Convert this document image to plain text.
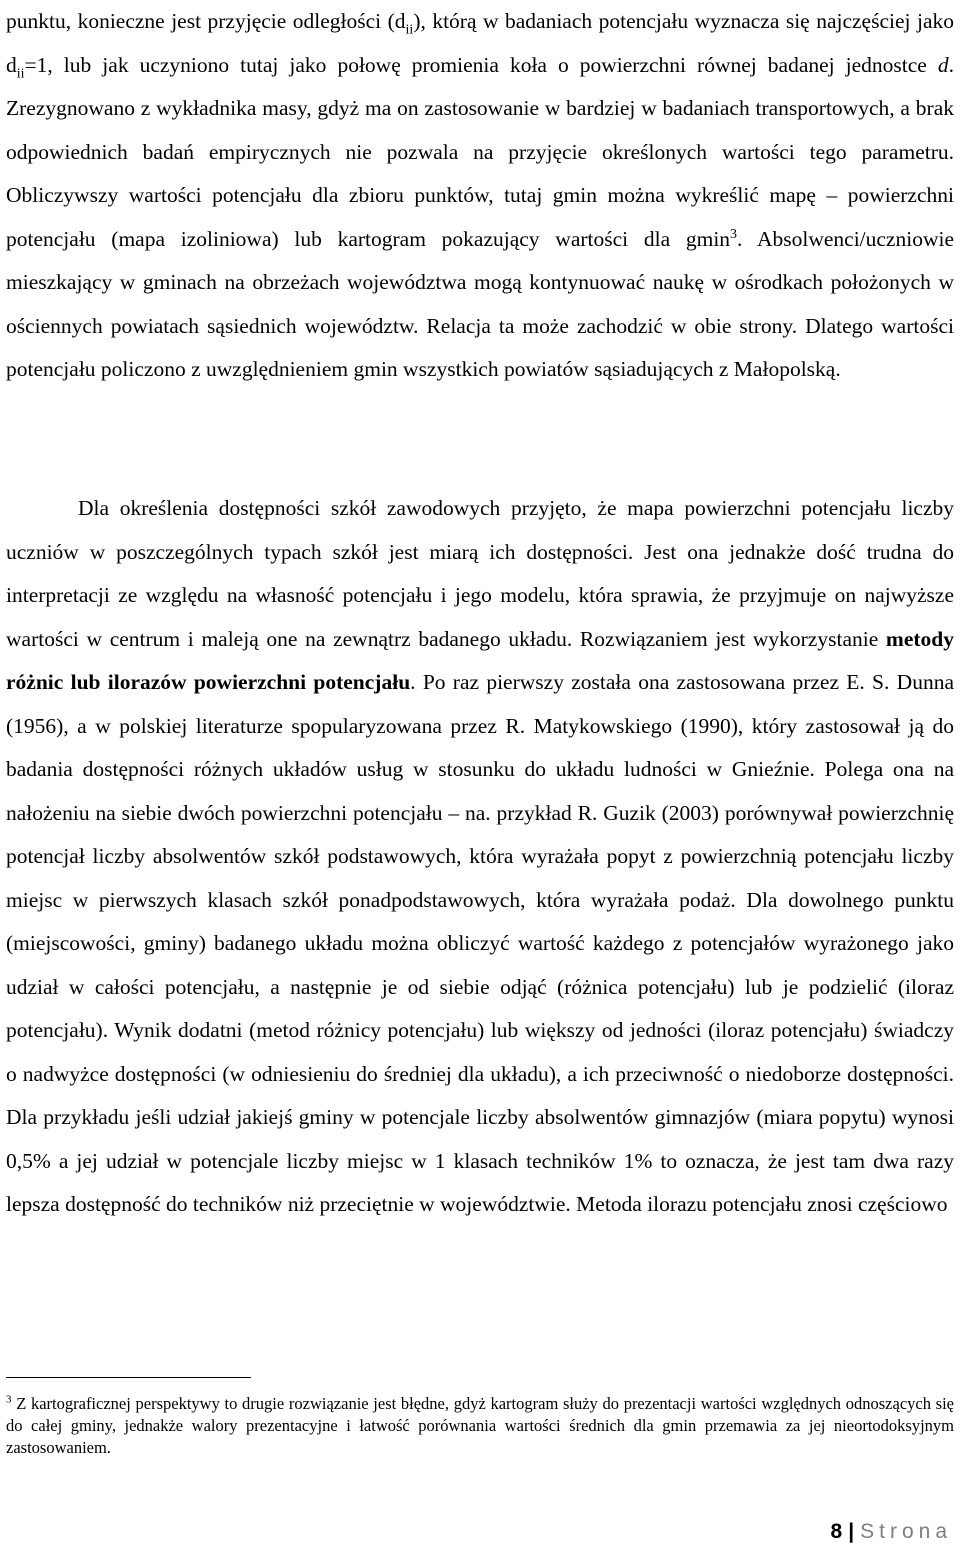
punktu, konieczne jest przyjęcie odległości $(d_{ii})$, którą w badaniach potencjału wyznacza się najczęściej jako $d_{ii}=1$, lub jak uczyniono tutaj jako połowę promienia koła o powierzchni równej badanej jednostce d. Zrezygnowano z wykładnika masy, gdyż ma on zastosowanie w bardziej w badaniach transportowych, a brak odpowiednich badań empirycznych nie pozwala na przyjęcie określonych wartości tego parametru. Obliczywszy wartości potencjału dla zbioru punktów, tutaj gmin można wykreślić mapę – powierzchni potencjału (mapa izoliniowa) lub kartogram pokazujący wartości dla gmin$^3$. Absolwenci/uczniowie mieszkający w gminach na obrzeżach województwa mogą kontynuować naukę w ośrodkach położonych w ościennych powiatach sąsiednich województw. Relacja ta może zachodzić w obie strony. Dlatego wartości potencjału policzono z uwzględnieniem gmin wszystkich powiatów sąsiadujących z Małopolską.

Dla określenia dostępności szkół zawodowych przyjęto, że mapa powierzchni potencjału liczby uczniów w poszczególnych typach szkół jest miarą ich dostępności. Jest ona jednakże dość trudna do interpretacji ze względu na własność potencjału i jego modelu, która sprawia, że przyjmuje on najwyższe wartości w centrum i maleją one na zewnątrz badanego układu. Rozwiązaniem jest wykorzystanie metody różnic lub ilorazów powierzchni potencjału. Po raz pierwszy została ona zastosowana przez E. S. Dunna (1956), a w polskiej literaturze spopularyzowana przez R. Matykowskiego (1990), który zastosował ją do badania dostępności różnych układów usług w stosunku do układu ludności w Gnieźnie. Polega ona na nałożeniu na siebie dwóch powierzchni potencjału – na. przykład R. Guzik (2003) porównywał powierzchnię potencjał liczby absolwentów szkół podstawowych, która wyrażała popyt z powierzchnią potencjału liczby miejsc w pierwszych klasach szkół ponadpodstawowych, która wyrażała podaż. Dla dowolnego punktu (miejscowości, gminy) badanego układu można obliczyć wartość każdego z potencjałów wyrażonego jako udział w całości potencjału, a następnie je od siebie odjąć (różnica potencjału) lub je podzielić (iloraz potencjału). Wynik dodatni (metod różnicy potencjału) lub większy od jedności (iloraz potencjału) świadczy o nadwyżce dostępności (w odniesieniu do średniej dla układu), a ich przeciwność o niedoborze dostępności. Dla przykładu jeśli udział jakiejś gminy w potencjale liczby absolwentów gimnazjów (miara popytu) wynosi 0,5% a jej udział w potencjale liczby miejsc w 1 klasach techników 1% to oznacza, że jest tam dwa razy lepsza dostępność do techników niż przeciętnie w województwie. Metoda ilorazu potencjału znosi częściowo

$^3$ Z kartograficznej perspektywy to drugie rozwiązanie jest błędne, gdyż kartogram służy do prezentacji wartości względnych odnoszących się do całej gminy, jednakże walory prezentacyjne i łatwość porównania wartości średnich dla gmin przemawia za jej nieortodoksyjnym zastosowaniem.

8 | Strona
